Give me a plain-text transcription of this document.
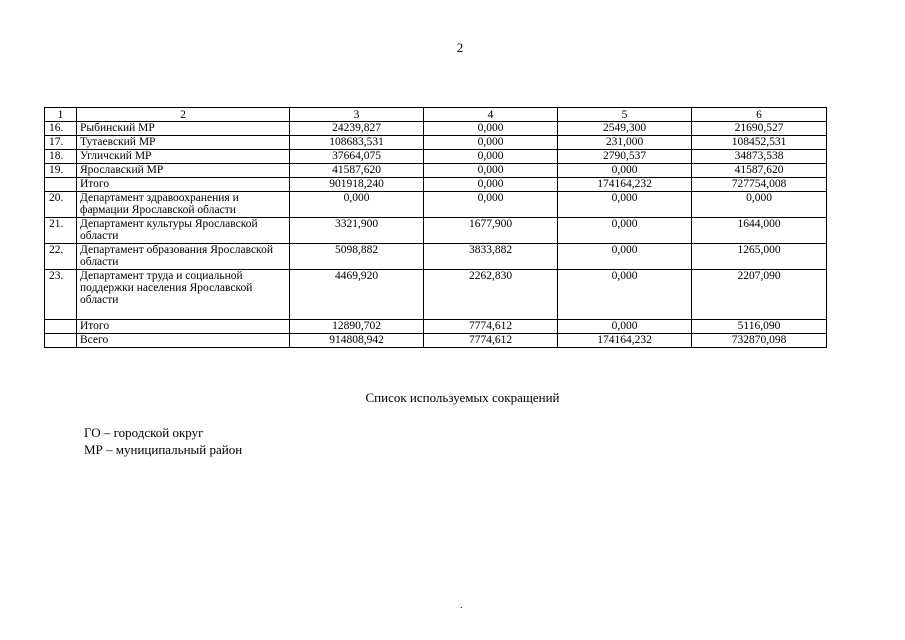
2
1	2	3	4	5	6
16.	Рыбинский МР	24239,827	0,000	2549,300	21690,527
17.	Тутаевский МР	108683,531	0,000	231,000	108452,531
18.	Угличский МР	37664,075	0,000	2790,537	34873,538
19.	Ярославский МР	41587,620	0,000	0,000	41587,620
	Итого	901918,240	0,000	174164,232	727754,008
20.	Департамент здравоохранения и фармации Ярославской области	0,000	0,000	0,000	0,000
21.	Департамент культуры Ярославской области	3321,900	1677,900	0,000	1644,000
22.	Департамент образования Ярославской области	5098,882	3833,882	0,000	1265,000
23.	Департамент труда и социальной поддержки населения Ярославской области	4469,920	2262,830	0,000	2207,090
	Итого	12890,702	7774,612	0,000	5116,090
	Всего	914808,942	7774,612	174164,232	732870,098
Список используемых сокращений
ГО – городской округ
МР – муниципальный район
.
